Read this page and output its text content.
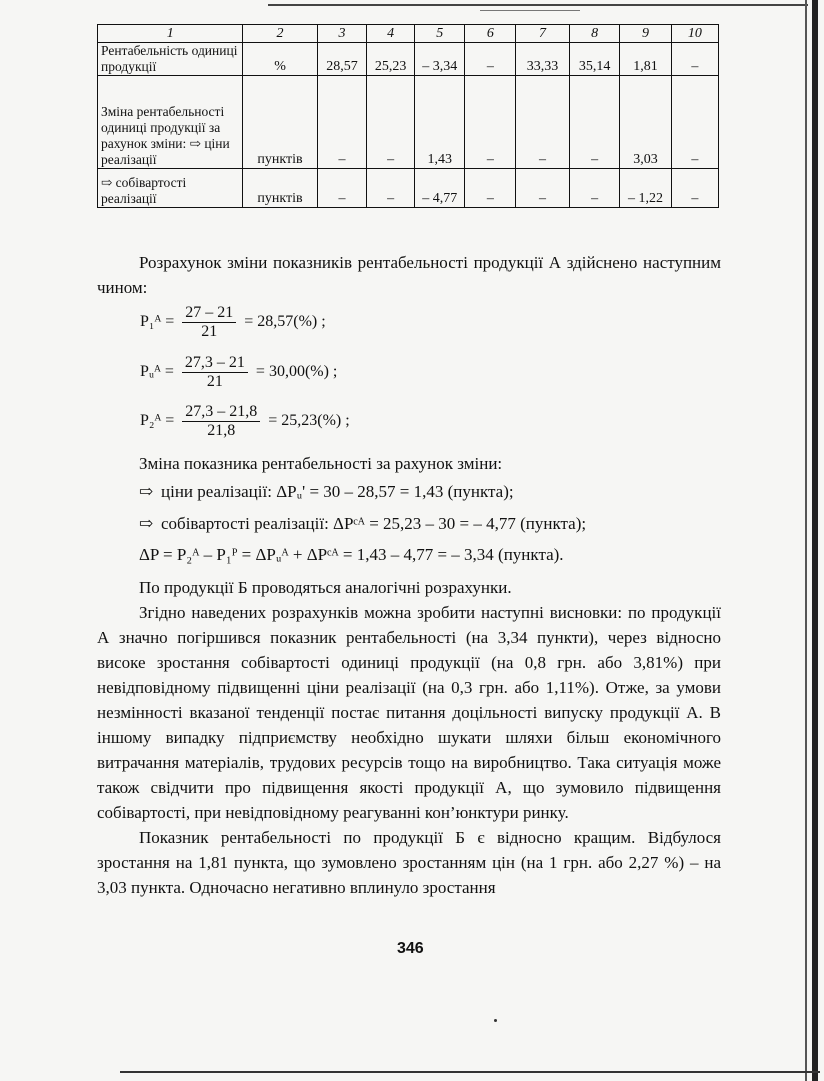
1	2	3	4	5	6	7	8	9	10
Рентабельність одиниці продукції	%	28,57	25,23	– 3,34	–	33,33	35,14	1,81	–
Зміна рентабельності одиниці продукції за рахунок зміни: ⇨ ціни реалізації	пунктів	–	–	1,43	–	–	–	3,03	–
⇨ собівартості реалізації	пунктів	–	–	– 4,77	–	–	–	– 1,22	–

Розрахунок зміни показників рентабельності продукції А здійснено наступним чином:

P₁ᴬ = $\frac{27 - 21}{21} = 28,57(\%)$ ;
Pᵤᴬ = $\frac{27,3 - 21}{21} = 30,00(\%)$ ;
P₂ᴬ = $\frac{27,3 - 21,8}{21,8} = 25,23(\%)$ ;
Зміна показника рентабельності за рахунок зміни:
⇨ ціни реалізації: ΔPᵤ' = 30 – 28,57 = 1,43 (пункта);
⇨ собівартості реалізації: ΔPᶜᴬ = 25,23 – 30 = – 4,77 (пункта);
ΔP = P₂ᴬ – P₁ᴾ = ΔPᵤᴬ + ΔPᶜᴬ = 1,43 – 4,77 = – 3,34 (пункта).

По продукції Б проводяться аналогічні розрахунки.

Згідно наведених розрахунків можна зробити наступні висновки: по продукції А значно погіршився показник рентабельності (на 3,34 пункти), через відносно високе зростання собівартості одиниці продукції (на 0,8 грн. або 3,81%) при невідповідному підвищенні ціни реалізації (на 0,3 грн. або 1,11%). Отже, за умови незмінності вказаної тенденції постає питання доцільності випуску продукції А. В іншому випадку підприємству необхідно шукати шляхи більш економічного витрачання матеріалів, трудових ресурсів тощо на виробництво. Така ситуація може також свідчити про підвищення якості продукції А, що зумовило підвищення собівартості, при невідповідному реагуванні кон’юнктури ринку.

Показник рентабельності по продукції Б є відносно кращим. Відбулося зростання на 1,81 пункта, що зумовлено зростанням цін (на 1 грн. або 2,27 %) – на 3,03 пункта. Одночасно негативно вплинуло зростання

346
